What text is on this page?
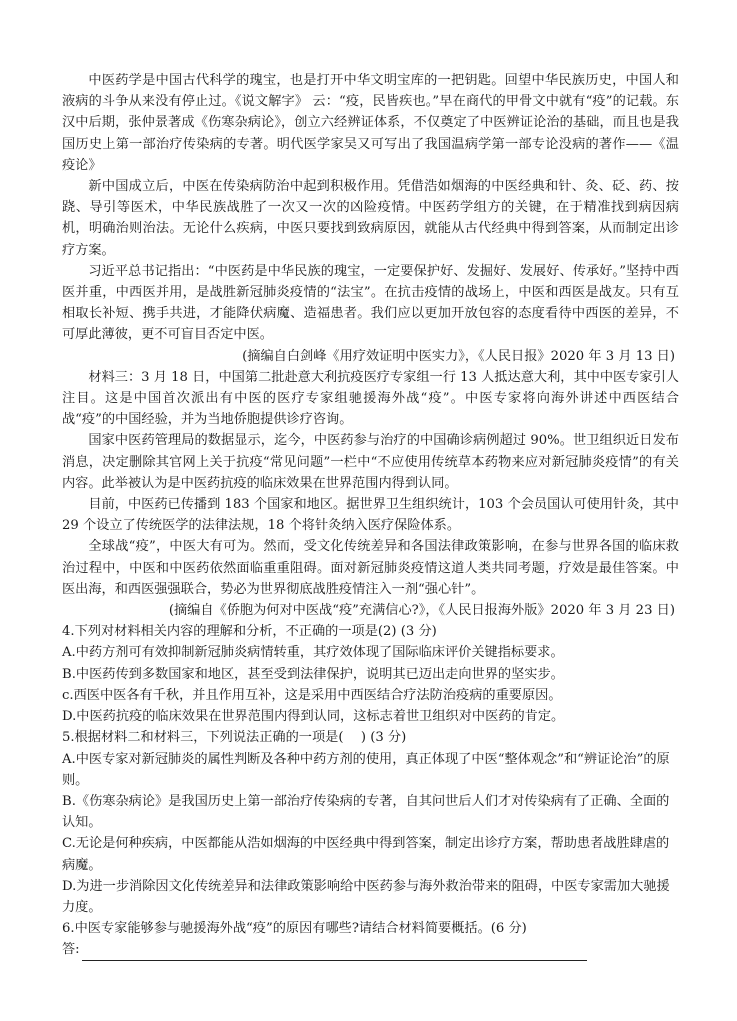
中医药学是中国古代科学的瑰宝，也是打开中华文明宝库的一把钥匙。回望中华民族历史，中国人和液病的斗争从来没有停止过。《说文解字》 云：“疫，民皆疾也。”早在商代的甲骨文中就有“疫”的记载。东汉中后期，张仲景著成《伤寒杂病论》，创立六经辨证体系，不仅奠定了中医辨证论治的基础，而且也是我国历史上第一部治疗传染病的专著。明代医学家吴又可写出了我国温病学第一部专论没病的著作——《温疫论》

新中国成立后，中医在传染病防治中起到积极作用。凭借浩如烟海的中医经典和针、灸、砭、药、按跷、导引等医术，中华民族战胜了一次又一次的凶险疫情。中医药学组方的关键，在于精准找到病因病机，明确治则治法。无论什么疾病，中医只要找到致病原因，就能从古代经典中得到答案，从而制定出诊疗方案。

习近平总书记指出：“中医药是中华民族的瑰宝，一定要保护好、发掘好、发展好、传承好。”坚持中西医并重，中西医并用，是战胜新冠肺炎疫情的“法宝”。在抗击疫情的战场上，中医和西医是战友。只有互相取长补短、携手共进，才能降伏病魔、造福患者。我们应以更加开放包容的态度看待中西医的差异，不可厚此薄彼，更不可盲目否定中医。

(摘编自白剑峰《用疗效证明中医实力》，《人民日报》2020 年 3 月 13 日)

材料三：3 月 18 日，中国第二批赴意大利抗疫医疗专家组一行 13 人抵达意大利，其中中医专家引人注目。这是中国首次派出有中医的医疗专家组驰援海外战“疫”。中医专家将向海外讲述中西医结合战“疫”的中国经验，并为当地侨胞提供诊疗咨询。

国家中医药管理局的数据显示，迄今，中医药参与治疗的中国确诊病例超过 90%。世卫组织近日发布消息，决定删除其官网上关于抗疫“常见问题”一栏中“不应使用传统草本药物来应对新冠肺炎疫情”的有关内容。此举被认为是中医药抗疫的临床效果在世界范围内得到认同。

目前，中医药已传播到 183 个国家和地区。据世界卫生组织统计，103 个会员国认可使用针灸，其中 29 个设立了传统医学的法律法规，18 个将针灸纳入医疗保险体系。

全球战“疫”，中医大有可为。然而，受文化传统差异和各国法律政策影响，在参与世界各国的临床救治过程中，中医和中医药依然面临重重阻碍。面对新冠肺炎疫情这道人类共同考题，疗效是最佳答案。中医出海，和西医强强联合，势必为世界彻底战胜疫情注入一剂“强心针”。

(摘编自《侨胞为何对中医战“疫”充满信心?》，《人民日报海外版》2020 年 3 月 23 日)

4.下列对材料相关内容的理解和分析，不正确的一项是(2) (3 分)

A.中药方剂可有效抑制新冠肺炎病情转重，其疗效体现了国际临床评价关键指标要求。

B.中医药传到多数国家和地区，甚至受到法律保护，说明其已迈出走向世界的坚实步。

c.西医中医各有千秋，并且作用互补，这是采用中西医结合疗法防治疫病的重要原因。

D.中医药抗疫的临床效果在世界范围内得到认同，这标志着世卫组织对中医药的肯定。

5.根据材料二和材料三，下列说法正确的一项是(　 ) (3 分)

A.中医专家对新冠肺炎的属性判断及各种中药方剂的使用，真正体现了中医“整体观念”和“辨证论治”的原则。

B.《伤寒杂病论》是我国历史上第一部治疗传染病的专著，自其问世后人们才对传染病有了正确、全面的认知。

C.无论是何种疾病，中医都能从浩如烟海的中医经典中得到答案，制定出诊疗方案，帮助患者战胜肆虐的病魔。

D.为进一步消除因文化传统差异和法律政策影响给中医药参与海外救治带来的阻碍，中医专家需加大驰援力度。

6.中医专家能够参与驰援海外战“疫”的原因有哪些?请结合材料简要概括。(6 分)

答:
